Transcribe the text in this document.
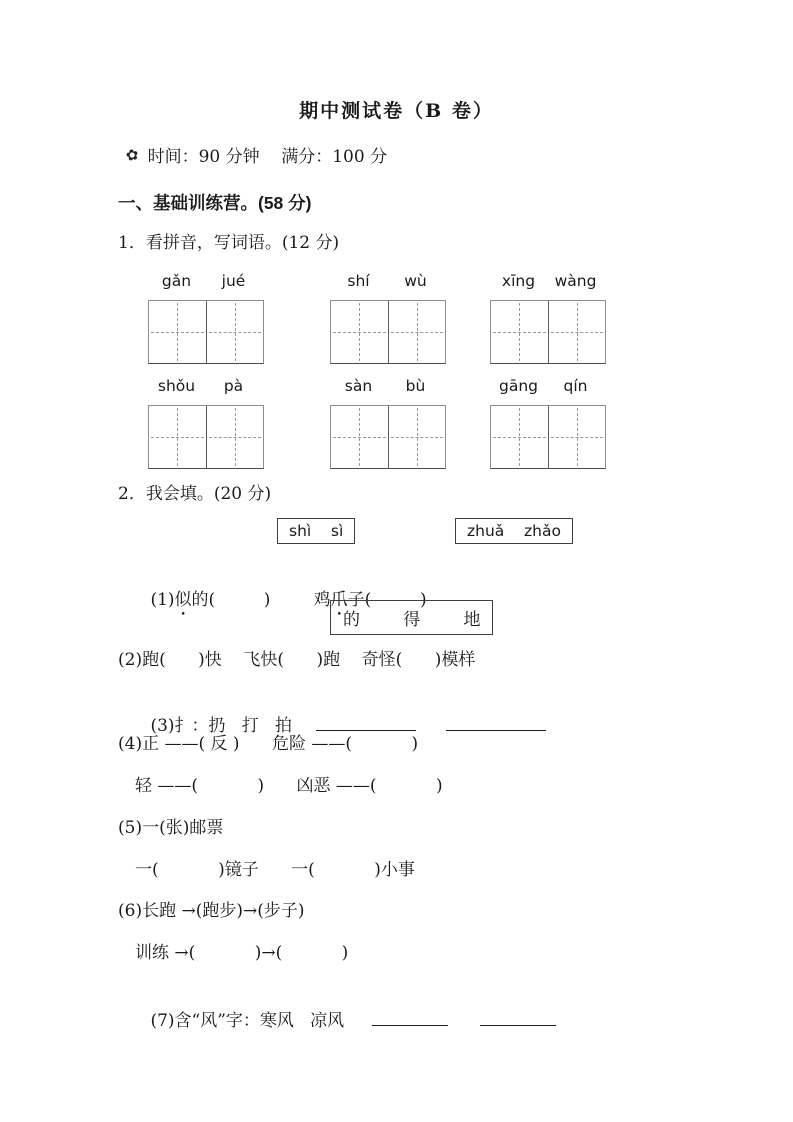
期中测试卷（B 卷）
✿ 时间：90 分钟    满分：100 分
一、基础训练营。(58 分)
1．看拼音，写词语。(12 分)
gǎn	jué	shí	wù	xīng	wàng
shǒu	pà	sàn	bù	gāng	qín
2．我会填。(20 分)
shì    sì	zhuǎ    zhǎo

(1)似的(         )        鸡爪子(         )

的        得        地
(2)跑(      )快    飞快(      )跑    奇怪(      )模样

(3)扌：扔   打   拍

(4)正 ——( 反 )      危险 ——(           )
轻 ——(           )      凶恶 ——(           )
(5)一(张)邮票
一(           )镜子      一(           )小事
(6)长跑 →(跑步)→(步子)
训练 →(           )→(           )

(7)含“风”字：寒风   凉风
